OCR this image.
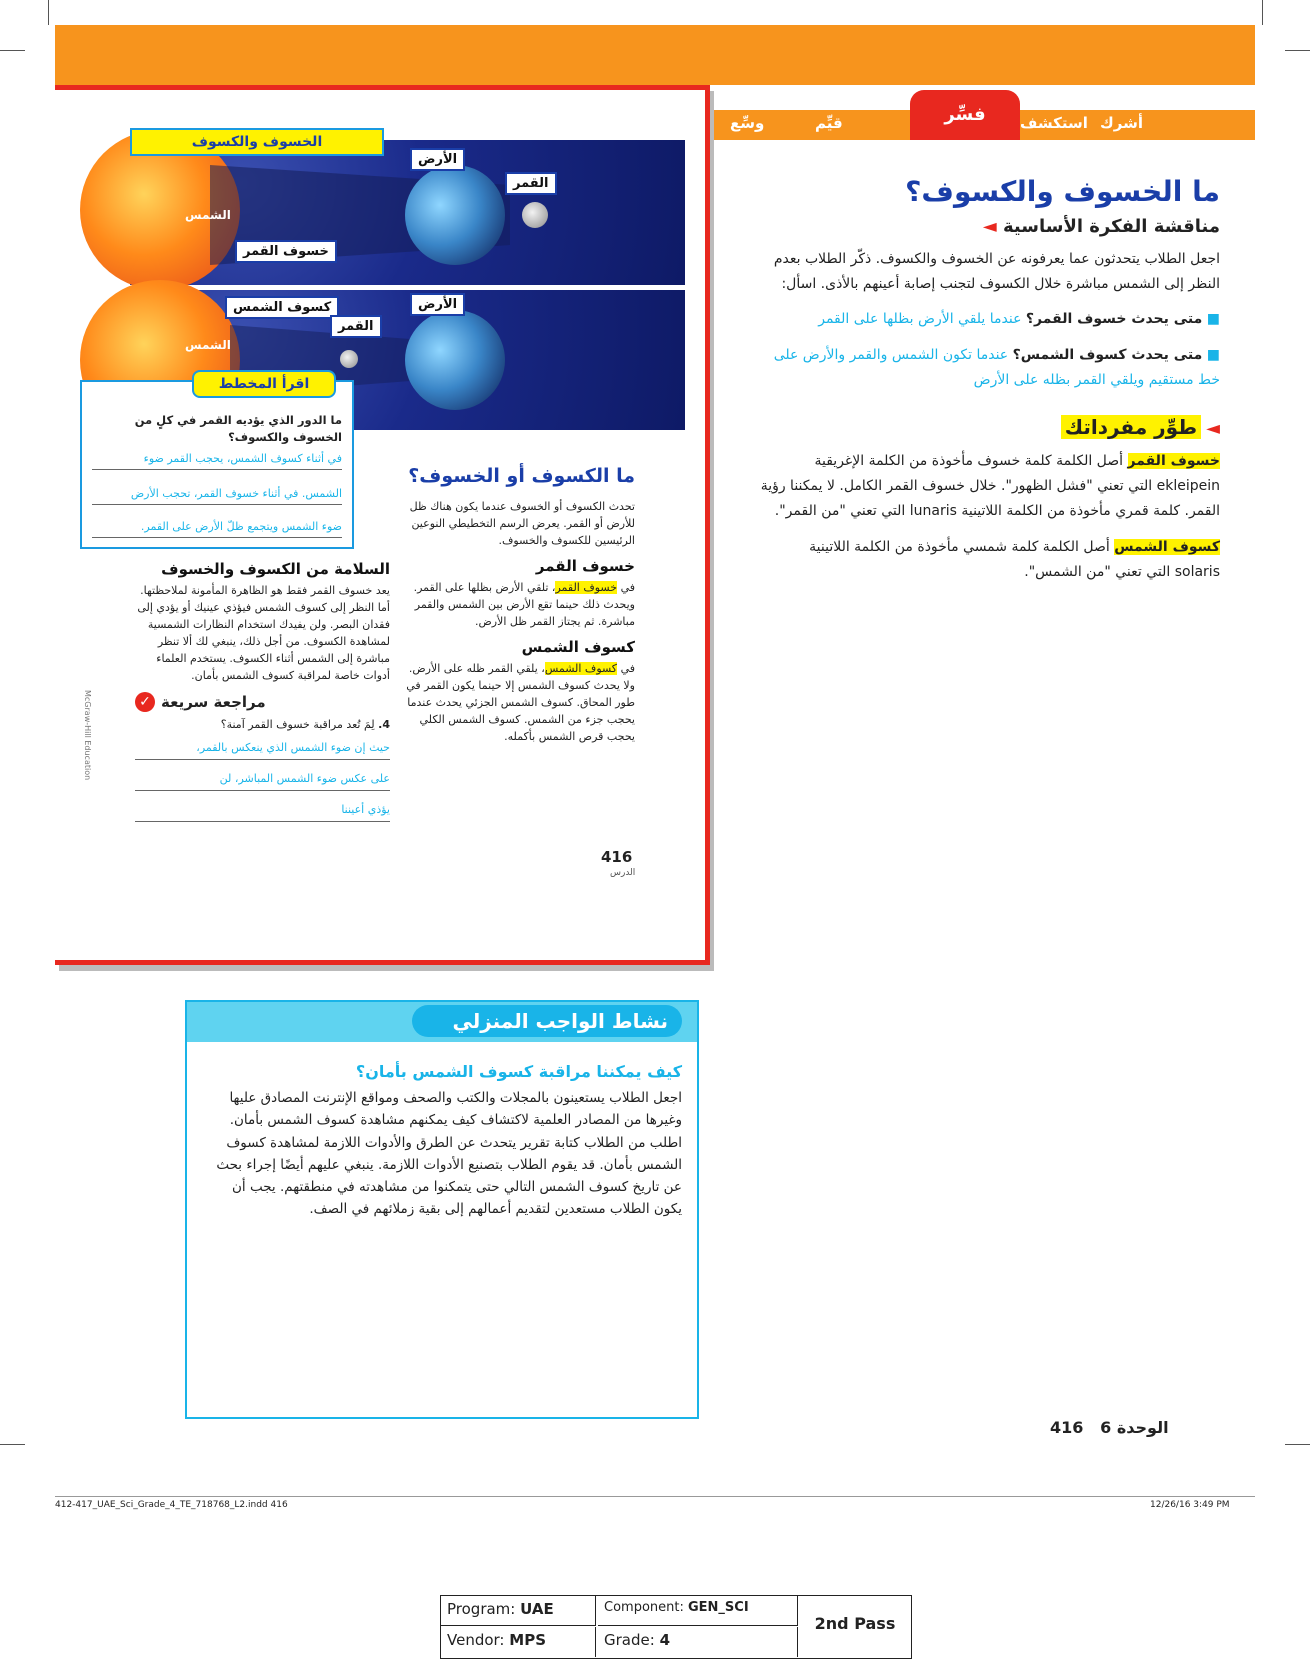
أشرك
استكشف
قيِّم
وسِّع	فسِّر
الخسوف والكسوف
الأرض
القمر
الشمس
خسوف القمر
كسوف الشمس	الأرض
القمر
الشمس
اقرأ المخطط
ما الدور الذي يؤديه القمر في كلٍ من الخسوف والكسوف؟
في أثناء كسوف الشمس، يحجب القمر ضوء
الشمس. في أثناء خسوف القمر، تحجب الأرض
ضوء الشمس ويتجمع ظلّ الأرض على القمر.
ما الكسوف أو الخسوف؟

تحدث الكسوف أو الخسوف عندما يكون هناك ظل للأرض أو القمر. يعرض الرسم التخطيطي النوعين الرئيسين للكسوف والخسوف.

خسوف القمر

في خسوف القمر، تلقي الأرض بظلها على القمر. ويحدث ذلك حينما تقع الأرض بين الشمس والقمر مباشرة. ثم يجتاز القمر ظل الأرض.

كسوف الشمس

في كسوف الشمس، يلقي القمر ظله على الأرض. ولا يحدث كسوف الشمس إلا حينما يكون القمر في طور المحاق. كسوف الشمس الجزئي يحدث عندما يحجب جزء من الشمس. كسوف الشمس الكلي يحجب قرص الشمس بأكمله.

416
الدرس
السلامة من الكسوف والخسوف

يعد خسوف القمر فقط هو الظاهرة المأمونة لملاحظتها. أما النظر إلى كسوف الشمس فيؤذي عينيك أو يؤدي إلى فقدان البصر. ولن يفيدك استخدام النظارات الشمسية لمشاهدة الكسوف. من أجل ذلك، ينبغي لك ألا تنظر مباشرة إلى الشمس أثناء الكسوف. يستخدم العلماء أدوات خاصة لمراقبة كسوف الشمس بأمان.

مراجعة سريعة
✓
4. لِمَ تُعد مراقبة خسوف القمر آمنة؟
حيث إن ضوء الشمس الذي ينعكس بالقمر،
على عكس ضوء الشمس المباشر، لن
يؤذي أعيننا
McGraw-Hill Education
ما الخسوف والكسوف؟
مناقشة الفكرة الأساسية ◄

اجعل الطلاب يتحدثون عما يعرفونه عن الخسوف والكسوف. ذكّر الطلاب بعدم النظر إلى الشمس مباشرة خلال الكسوف لتجنب إصابة أعينهم بالأذى. اسأل:

■ متى يحدث خسوف القمر؟ عندما يلقي الأرض بظلها على القمر
■ متى يحدث كسوف الشمس؟ عندما تكون الشمس والقمر والأرض على خط مستقيم ويلقي القمر بظله على الأرض
◄ طوِّر مفرداتك

خسوف القمر أصل الكلمة كلمة خسوف مأخوذة من الكلمة الإغريقية ekleipein التي تعني "فشل الظهور". خلال خسوف القمر الكامل. لا يمكننا رؤية القمر. كلمة قمري مأخوذة من الكلمة اللاتينية lunaris التي تعني "من القمر".

كسوف الشمس أصل الكلمة كلمة شمسي مأخوذة من الكلمة اللاتينية solaris التي تعني "من الشمس".

نشاط الواجب المنزلي
كيف يمكننا مراقبة كسوف الشمس بأمان؟

اجعل الطلاب يستعينون بالمجلات والكتب والصحف ومواقع الإنترنت المصادق عليها وغيرها من المصادر العلمية لاكتشاف كيف يمكنهم مشاهدة كسوف الشمس بأمان. اطلب من الطلاب كتابة تقرير يتحدث عن الطرق والأدوات اللازمة لمشاهدة كسوف الشمس بأمان. قد يقوم الطلاب بتصنيع الأدوات اللازمة. ينبغي عليهم أيضًا إجراء بحث عن تاريخ كسوف الشمس التالي حتى يتمكنوا من مشاهدته في منطقتهم. يجب أن يكون الطلاب مستعدين لتقديم أعمالهم إلى بقية زملائهم في الصف.

الوحدة 6   416
412-417_UAE_Sci_Grade_4_TE_718768_L2.indd 416	12/26/16 3:49 PM
Program: UAE
Vendor: MPS
Component: GEN_SCI
Grade: 4
2nd Pass
